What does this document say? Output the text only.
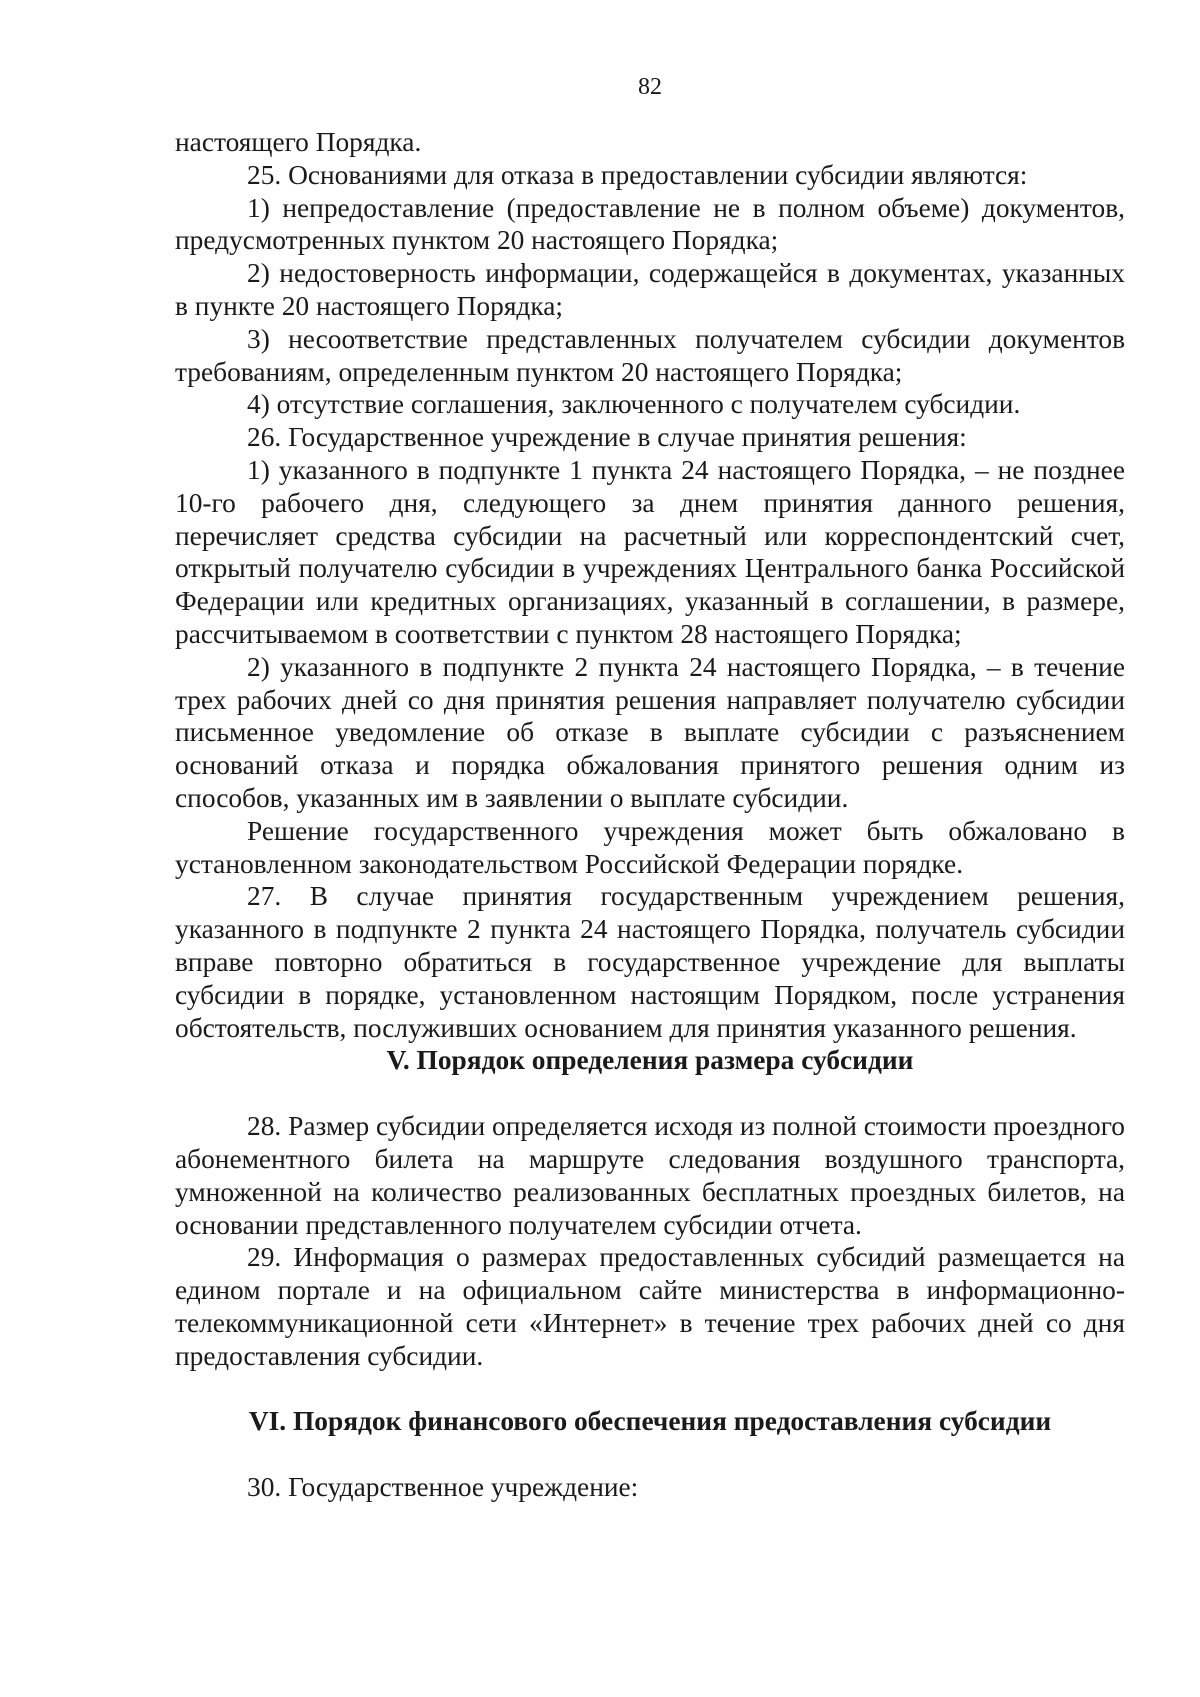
82

настоящего Порядка.

25. Основаниями для отказа в предоставлении субсидии являются:

1) непредоставление (предоставление не в полном объеме) документов, предусмотренных пунктом 20 настоящего Порядка;

2) недостоверность информации, содержащейся в документах, указанных в пункте 20 настоящего Порядка;

3) несоответствие представленных получателем субсидии документов требованиям, определенным пунктом 20 настоящего Порядка;

4) отсутствие соглашения, заключенного с получателем субсидии.

26. Государственное учреждение в случае принятия решения:

1) указанного в подпункте 1 пункта 24 настоящего Порядка, – не позднее 10-го рабочего дня, следующего за днем принятия данного решения, перечисляет средства субсидии на расчетный или корреспондентский счет, открытый получателю субсидии в учреждениях Центрального банка Российской Федерации или кредитных организациях, указанный в соглашении, в размере, рассчитываемом в соответствии с пунктом 28 настоящего Порядка;

2) указанного в подпункте 2 пункта 24 настоящего Порядка, – в течение трех рабочих дней со дня принятия решения направляет получателю субсидии письменное уведомление об отказе в выплате субсидии с разъяснением оснований отказа и порядка обжалования принятого решения одним из способов, указанных им в заявлении о выплате субсидии.

Решение государственного учреждения может быть обжаловано в установленном законодательством Российской Федерации порядке.

27. В случае принятия государственным учреждением решения, указанного в подпункте 2 пункта 24 настоящего Порядка, получатель субсидии вправе повторно обратиться в государственное учреждение для выплаты субсидии в порядке, установленном настоящим Порядком, после устранения обстоятельств, послуживших основанием для принятия указанного решения.

V. Порядок определения размера субсидии

28. Размер субсидии определяется исходя из полной стоимости проездного абонементного билета на маршруте следования воздушного транспорта, умноженной на количество реализованных бесплатных проездных билетов, на основании представленного получателем субсидии отчета.

29. Информация о размерах предоставленных субсидий размещается на едином портале и на официальном сайте министерства в информационно-телекоммуникационной сети «Интернет» в течение трех рабочих дней со дня предоставления субсидии.

VI. Порядок финансового обеспечения предоставления субсидии

30. Государственное учреждение:
